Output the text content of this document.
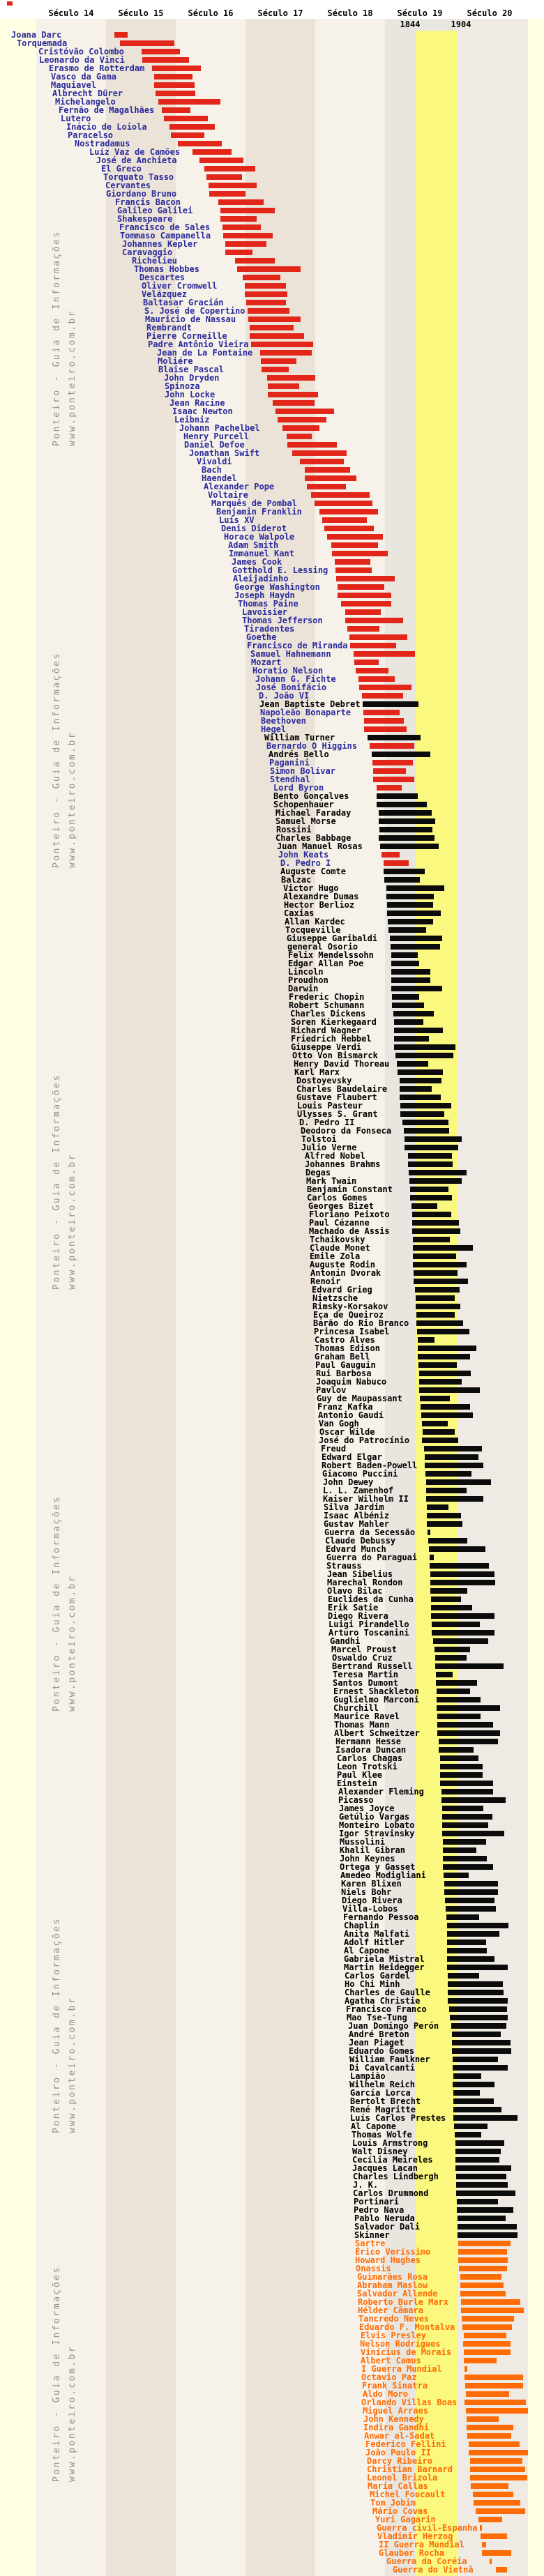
Século 14	Século 15	Século 16	Século 17	Século 18	Século 19	Século 20
1844	1904
Joana Darc
Torquemada
Cristóvão Colombo
Leonardo da Vinci
Erasmo de Rotterdam
Vasco da Gama
Maquiavel
Albrecht Dürer
Michelangelo
Fernão de Magalhães
Lutero
Inácio de Loiola
Paracelso
Nostradamus
Luíz Vaz de Camões
José de Anchieta
El Greco
Torquato Tasso
Cervantes
Giordano Bruno
Francis Bacon
Galileo Galilei
Shakespeare
Francisco de Sales
Tommaso Campanella
Johannes Kepler
Caravaggio
Richelieu
Thomas Hobbes
Descartes
Oliver Cromwell
Velázquez
Baltasar Gracián
S. José de Copertino
Mauricio de Nassau
Rembrandt
Pierre Corneille
Padre Antônio Vieira
Jean de La Fontaine
Moliére
Blaise Pascal
John Dryden
Spinoza
John Locke
Jean Racine
Isaac Newton
Leibniz
Johann Pachelbel
Henry Purcell
Daniel Defoe
Jonathan Swift
Vivaldi
Bach
Haendel
Alexander Pope
Voltaire
Marquês de Pombal
Benjamin Franklin
Luís XV
Denis Diderot
Horace Walpole
Adam Smith
Immanuel Kant
James Cook
Gotthold E. Lessing
Aleijadinho
George Washington
Joseph Haydn
Thomas Paine
Lavoisier
Thomas Jefferson
Tiradentes
Goethe
Francisco de Miranda
Samuel Hahnemann
Mozart
Horatio Nelson
Johann G. Fichte
José Bonifácio
D. João VI
Jean Baptiste Debret
Napoleão Bonaparte
Beethoven
Hegel
William Turner
Bernardo O Higgins
Andrés Bello
Paganini
Simon Bolívar
Stendhal
Lord Byron
Bento Gonçalves
Schopenhauer
Michael Faraday
Samuel Morse
Rossini
Charles Babbage
Juan Manuel Rosas
John Keats
D. Pedro I
Auguste Comte
Balzac
Victor Hugo
Alexandre Dumas
Hector Berlioz
Caxias
Allan Kardec
Tocqueville
Giuseppe Garibaldi
general Osorio
Felix Mendelssohn
Edgar Allan Poe
Lincoln
Proudhon
Darwin
Frederic Chopin
Robert Schumann
Charles Dickens
Soren Kierkegaard
Richard Wagner
Friedrich Hebbel
Giuseppe Verdi
Otto Von Bismarck
Henry David Thoreau
Karl Marx
Dostoyevsky
Charles Baudelaire
Gustave Flaubert
Louis Pasteur
Ulysses S. Grant
D. Pedro II
Deodoro da Fonseca
Tolstoi
Julio Verne
Alfred Nobel
Johannes Brahms
Degas
Mark Twain
Benjamin Constant
Carlos Gomes
Georges Bizet
Floriano Peixoto
Paul Cézanne
Machado de Assis
Tchaikovsky
Claude Monet
Émile Zola
Auguste Rodin
Antonin Dvorak
Renoir
Edvard Grieg
Nietzsche
Rimsky-Korsakov
Eça de Queiroz
Barão do Rio Branco
Princesa Isabel
Castro Alves
Thomas Edison
Graham Bell
Paul Gauguin
Rui Barbosa
Joaquim Nabuco
Pavlov
Guy de Maupassant
Franz Kafka
Antonio Gaudí
Van Gogh
Oscar Wilde
José do Patrocínio
Freud
Edward Elgar
Robert Baden-Powell
Giacomo Puccini
John Dewey
L. L. Zamenhof
Kaiser Wilhelm II
Silva Jardim
Isaac Albéniz
Gustav Mahler
Guerra da Secessão
Claude Debussy
Edvard Munch
Guerra do Paraguai
Strauss
Jean Sibelius
Marechal Rondon
Olavo Bilac
Euclides da Cunha
Erik Satie
Diego Rivera
Luigi Pirandello
Arturo Toscanini
Gandhi
Marcel Proust
Oswaldo Cruz
Bertrand Russell
Teresa Martin
Santos Dumont
Ernest Shackleton
Guglielmo Marconi
Churchill
Maurice Ravel
Thomas Mann
Albert Schweitzer
Hermann Hesse
Isadora Duncan
Carlos Chagas
Leon Trotski
Paul Klee
Einstein
Alexander Fleming
Picasso
James Joyce
Getúlio Vargas
Monteiro Lobato
Igor Stravinsky
Mussolini
Khalil Gibran
John Keynes
Ortega y Gasset
Amedeo Modigliani
Karen Blixen
Niels Bohr
Diego Rivera
Villa-Lobos
Fernando Pessoa
Chaplin
Anita Malfati
Adolf Hitler
Al Capone
Gabriela Mistral
Martin Heidegger
Carlos Gardel
Ho Chi Minh
Charles de Gaulle
Agatha Christie
Francisco Franco
Mao Tse-Tung
Juan Domingo Perón
André Breton
Jean Piaget
Eduardo Gomes
William Faulkner
Di Cavalcanti
Lampião
Wilhelm Reich
García Lorca
Bertolt Brecht
René Magritte
Luís Carlos Prestes
Al Capone
Thomas Wolfe
Louis Armstrong
Walt Disney
Cecília Meireles
Jacques Lacan
Charles Lindbergh
J. K.
Carlos Drummond
Portinari
Pedro Nava
Pablo Neruda
Salvador Dali
Skinner
Sartre
Érico Veríssimo
Howard Hughes
Onassis
Guimarães Rosa
Abraham Maslow
Salvador Allende
Roberto Burle Marx
Hélder Câmara
Tancredo Neves
Eduardo F. Montalva
Elvis Presley
Nelson Rodrigues
Vinícius de Morais
Albert Camus
I Guerra Mundial
Octavio Paz
Frank Sinatra
Aldo Moro
Orlando Villas Boas
Miguel Arraes
John Kennedy
Indira Gandhi
Anwar al-Sadat
Federico Fellini
João Paulo II
Darcy Ribeiro
Christian Barnard
Leonel Brizola
Maria Callas
Michel Foucault
Tom Jobim
Mário Covas
Yuri Gagarin
Guerra civil-Espanha
Vladimir Herzog
II Guerra Mundial
Glauber Rocha
Guerra da Coréia
Guerra do Vietnã
Ponteiro - Guia de Informações www.ponteiro.com.br
Ponteiro - Guia de Informações www.ponteiro.com.br
Ponteiro - Guia de Informações www.ponteiro.com.br
Ponteiro - Guia de Informações www.ponteiro.com.br
Ponteiro - Guia de Informações www.ponteiro.com.br
Ponteiro - Guia de Informações www.ponteiro.com.br
